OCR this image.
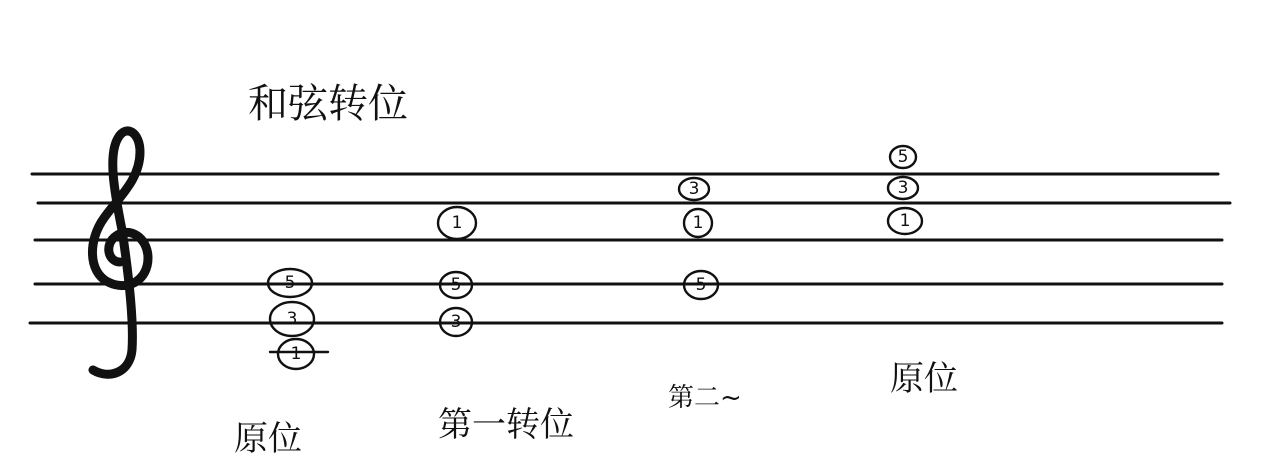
和弦转位
5
3
1
原位
1
5
3
第一转位
3
1
5
第二~
5
3
1
原位
